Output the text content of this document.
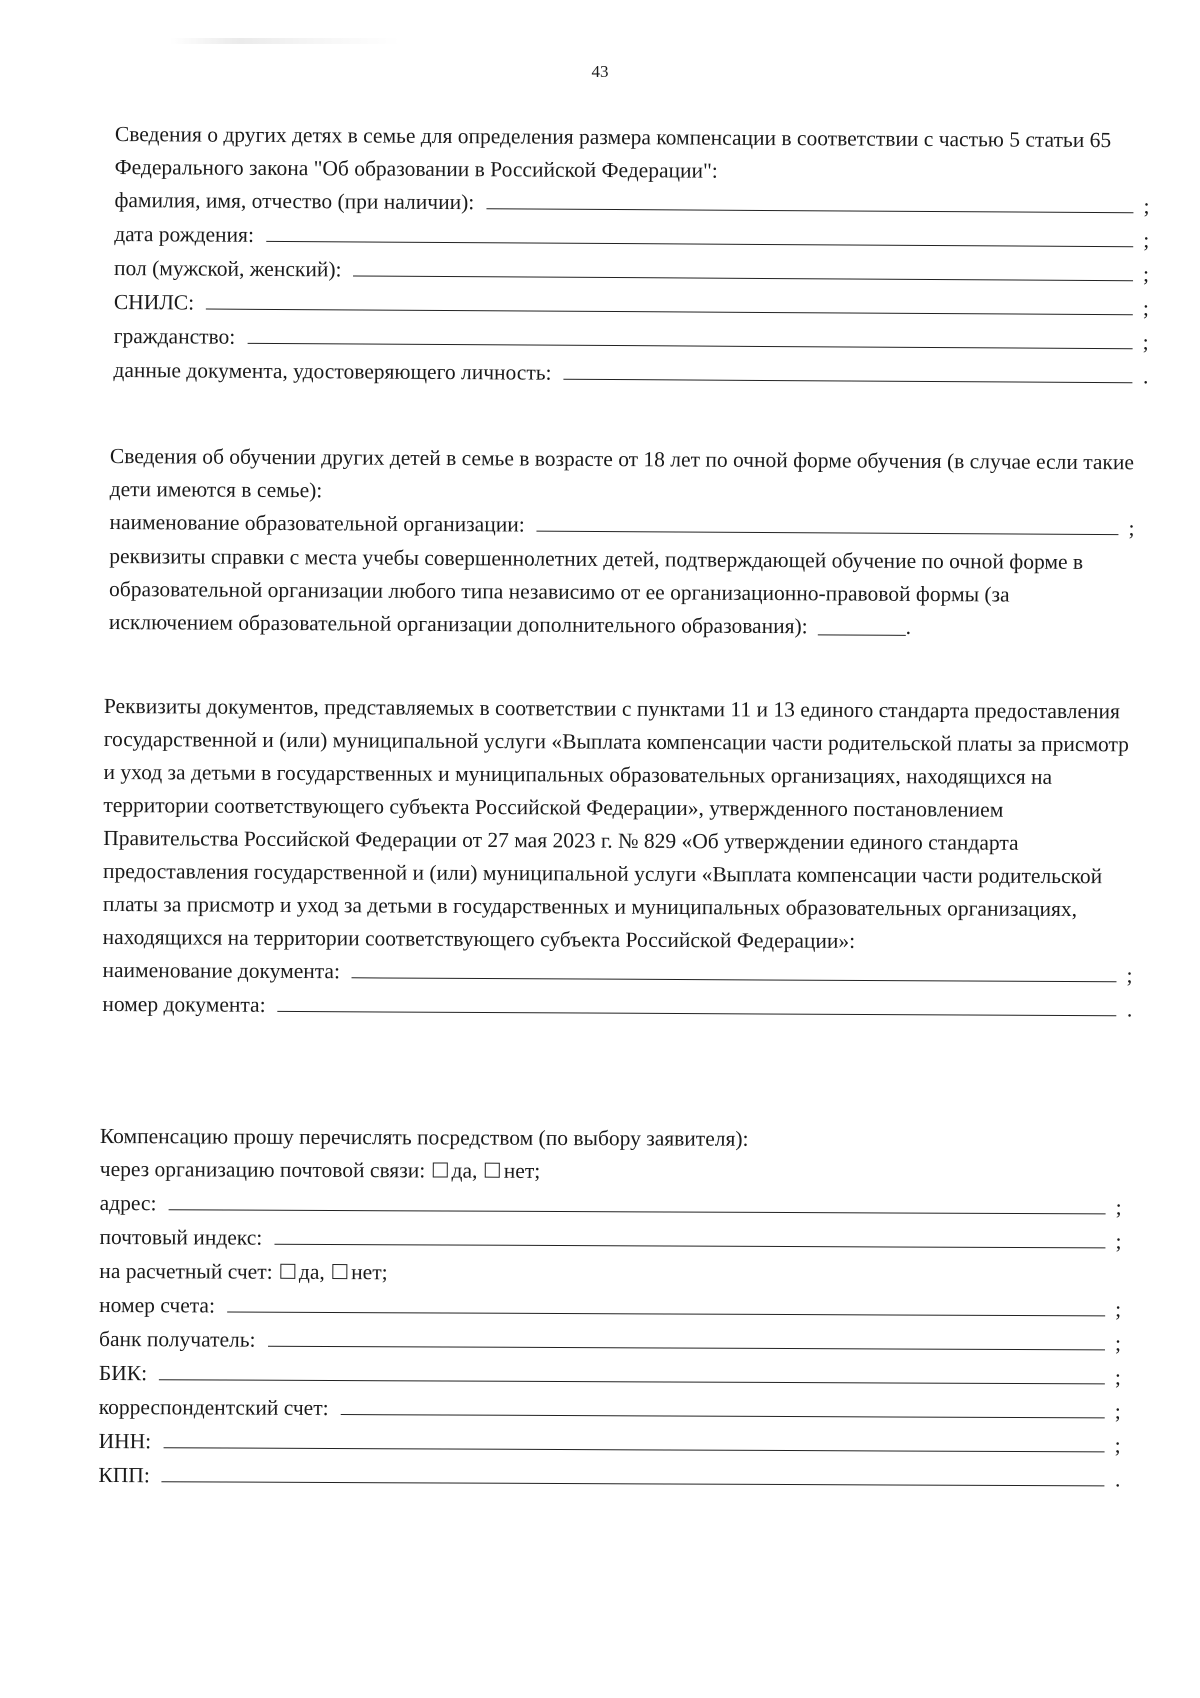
43

Сведения о других детях в семье для определения размера компенсации в соответствии с частью 5 статьи 65 Федерального закона "Об образовании в Российской Федерации":

фамилия, имя, отчество (при наличии):	;
дата рождения:	;
пол (мужской, женский):	;
СНИЛС:	;
гражданство:	;
данные документа, удостоверяющего личность:	.

Сведения об обучении других детей в семье в возрасте от 18 лет по очной форме обучения (в случае если такие дети имеются в семье):

наименование образовательной организации:	;

реквизиты справки с места учебы совершеннолетних детей, подтверждающей обучение по очной форме в образовательной организации любого типа независимо от ее организационно-правовой формы (за исключением образовательной организации дополнительного образования):	.

Реквизиты документов, представляемых в соответствии с пунктами 11 и 13 единого стандарта предоставления государственной и (или) муниципальной услуги «Выплата компенсации части родительской платы за присмотр и уход за детьми в государственных и муниципальных образовательных организациях, находящихся на территории соответствующего субъекта Российской Федерации», утвержденного постановлением Правительства Российской Федерации от 27 мая 2023 г. № 829 «Об утверждении единого стандарта предоставления государственной и (или) муниципальной услуги «Выплата компенсации части родительской платы за присмотр и уход за детьми в государственных и муниципальных образовательных организациях, находящихся на территории соответствующего субъекта Российской Федерации»:

наименование документа:	;
номер документа:	.

Компенсацию прошу перечислять посредством (по выбору заявителя):

через организацию почтовой связи:
да,
нет;
адрес:	;
почтовый индекс:	;
на расчетный счет:
да,
нет;
номер счета:	;
банк получатель:	;
БИК:	;
корреспондентский счет:	;
ИНН:	;
КПП:	.
